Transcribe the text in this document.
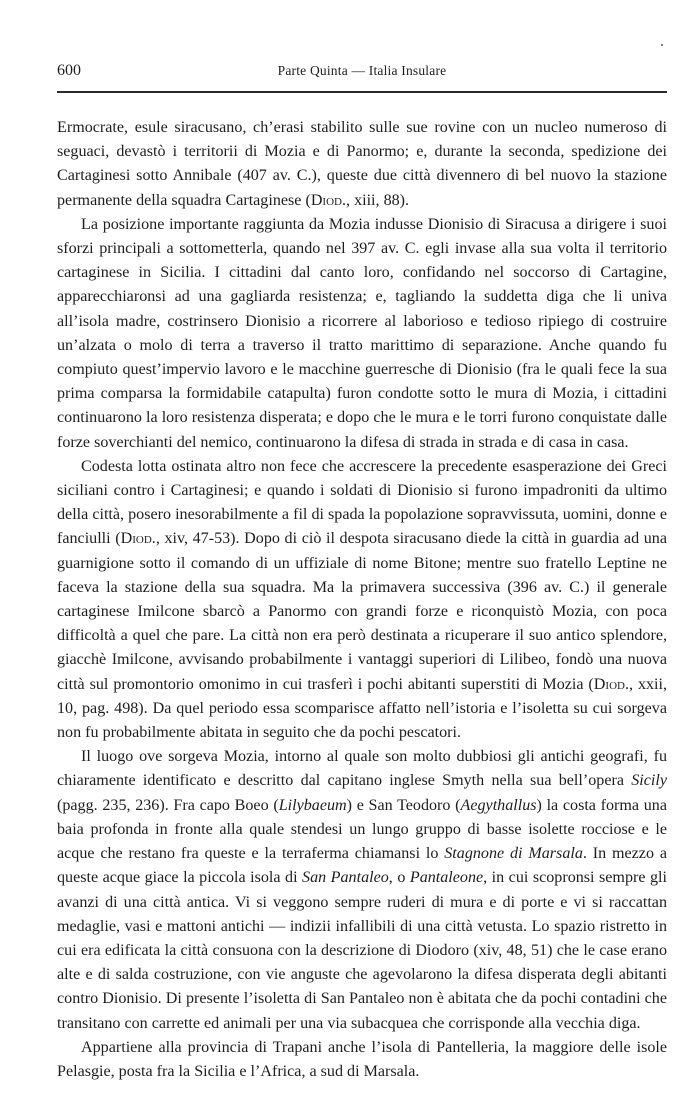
600	Parte Quinta — Italia Insulare

Ermocrate, esule siracusano, ch’erasi stabilito sulle sue rovine con un nucleo numeroso di seguaci, devastò i territorii di Mozia e di Panormo; e, durante la seconda, spedizione dei Cartaginesi sotto Annibale (407 av. C.), queste due città divennero di bel nuovo la stazione permanente della squadra Cartaginese (Diod., xiii, 88).

La posizione importante raggiunta da Mozia indusse Dionisio di Siracusa a dirigere i suoi sforzi principali a sottometterla, quando nel 397 av. C. egli invase alla sua volta il territorio cartaginese in Sicilia. I cittadini dal canto loro, confidando nel soccorso di Cartagine, apparecchiaronsi ad una gagliarda resistenza; e, tagliando la suddetta diga che li univa all’isola madre, costrinsero Dionisio a ricorrere al laborioso e tedioso ripiego di costruire un’alzata o molo di terra a traverso il tratto marittimo di separazione. Anche quando fu compiuto quest’impervio lavoro e le macchine guerresche di Dionisio (fra le quali fece la sua prima comparsa la formidabile catapulta) furon condotte sotto le mura di Mozia, i cittadini continuarono la loro resistenza disperata; e dopo che le mura e le torri furono conquistate dalle forze soverchianti del nemico, continuarono la difesa di strada in strada e di casa in casa.

Codesta lotta ostinata altro non fece che accrescere la precedente esasperazione dei Greci siciliani contro i Cartaginesi; e quando i soldati di Dionisio si furono impadroniti da ultimo della città, posero inesorabilmente a fil di spada la popolazione sopravvissuta, uomini, donne e fanciulli (Diod., xiv, 47-53). Dopo di ciò il despota siracusano diede la città in guardia ad una guarnigione sotto il comando di un uffiziale di nome Bitone; mentre suo fratello Leptine ne faceva la stazione della sua squadra. Ma la primavera successiva (396 av. C.) il generale cartaginese Imilcone sbarcò a Panormo con grandi forze e riconquistò Mozia, con poca difficoltà a quel che pare. La città non era però destinata a ricuperare il suo antico splendore, giacchè Imilcone, avvisando probabilmente i vantaggi superiori di Lilibeo, fondò una nuova città sul promontorio omonimo in cui trasferì i pochi abitanti superstiti di Mozia (Diod., xxii, 10, pag. 498). Da quel periodo essa scomparisce affatto nell’istoria e l’isoletta su cui sorgeva non fu probabilmente abitata in seguito che da pochi pescatori.

Il luogo ove sorgeva Mozia, intorno al quale son molto dubbiosi gli antichi geografi, fu chiaramente identificato e descritto dal capitano inglese Smyth nella sua bell’opera Sicily (pagg. 235, 236). Fra capo Boeo (Lilybaeum) e San Teodoro (Aegythallus) la costa forma una baia profonda in fronte alla quale stendesi un lungo gruppo di basse isolette rocciose e le acque che restano fra queste e la terraferma chiamansi lo Stagnone di Marsala. In mezzo a queste acque giace la piccola isola di San Pantaleo, o Pantaleone, in cui scopronsi sempre gli avanzi di una città antica. Vi si veggono sempre ruderi di mura e di porte e vi si raccattan medaglie, vasi e mattoni antichi — indizii infallibili di una città vetusta. Lo spazio ristretto in cui era edificata la città consuona con la descrizione di Diodoro (xiv, 48, 51) che le case erano alte e di salda costruzione, con vie anguste che agevolarono la difesa disperata degli abitanti contro Dionisio. Di presente l’isoletta di San Pantaleo non è abitata che da pochi contadini che transitano con carrette ed animali per una via subacquea che corrisponde alla vecchia diga.

Appartiene alla provincia di Trapani anche l’isola di Pantelleria, la maggiore delle isole Pelasgie, posta fra la Sicilia e l’Africa, a sud di Marsala.
